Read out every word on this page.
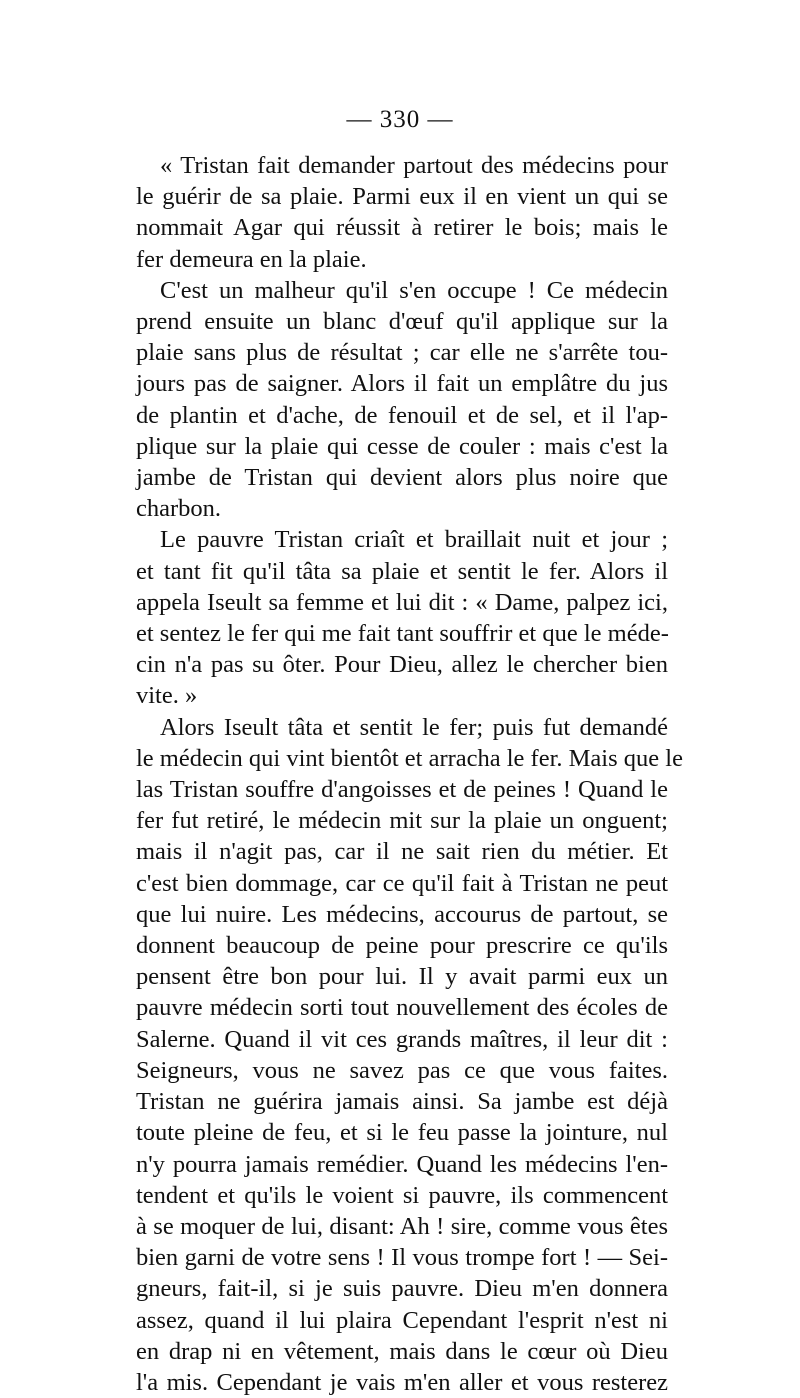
— 330 —
« Tristan fait demander partout des médecins pour
le guérir de sa plaie. Parmi eux il en vient un qui se
nommait Agar qui réussit à retirer le bois; mais le
fer demeura en la plaie.
C'est un malheur qu'il s'en occupe ! Ce médecin
prend ensuite un blanc d'œuf qu'il applique sur la
plaie sans plus de résultat ; car elle ne s'arrête tou-
jours pas de saigner. Alors il fait un emplâtre du jus
de plantin et d'ache, de fenouil et de sel, et il l'ap-
plique sur la plaie qui cesse de couler : mais c'est la
jambe de Tristan qui devient alors plus noire que
charbon.
Le pauvre Tristan criaît et braillait nuit et jour ;
et tant fit qu'il tâta sa plaie et sentit le fer. Alors il
appela Iseult sa femme et lui dit : « Dame, palpez ici,
et sentez le fer qui me fait tant souffrir et que le méde-
cin n'a pas su ôter. Pour Dieu, allez le chercher bien
vite. »
Alors Iseult tâta et sentit le fer; puis fut demandé
le médecin qui vint bientôt et arracha le fer. Mais que le
las Tristan souffre d'angoisses et de peines ! Quand le
fer fut retiré, le médecin mit sur la plaie un onguent;
mais il n'agit pas, car il ne sait rien du métier. Et
c'est bien dommage, car ce qu'il fait à Tristan ne peut
que lui nuire. Les médecins, accourus de partout, se
donnent beaucoup de peine pour prescrire ce qu'ils
pensent être bon pour lui. Il y avait parmi eux un
pauvre médecin sorti tout nouvellement des écoles de
Salerne. Quand il vit ces grands maîtres, il leur dit :
Seigneurs, vous ne savez pas ce que vous faites.
Tristan ne guérira jamais ainsi. Sa jambe est déjà
toute pleine de feu, et si le feu passe la jointure, nul
n'y pourra jamais remédier. Quand les médecins l'en-
tendent et qu'ils le voient si pauvre, ils commencent
à se moquer de lui, disant: Ah ! sire, comme vous êtes
bien garni de votre sens ! Il vous trompe fort ! — Sei-
gneurs, fait-il, si je suis pauvre. Dieu m'en donnera
assez, quand il lui plaira Cependant l'esprit n'est ni
en drap ni en vêtement, mais dans le cœur où Dieu
l'a mis. Cependant je vais m'en aller et vous resterez
